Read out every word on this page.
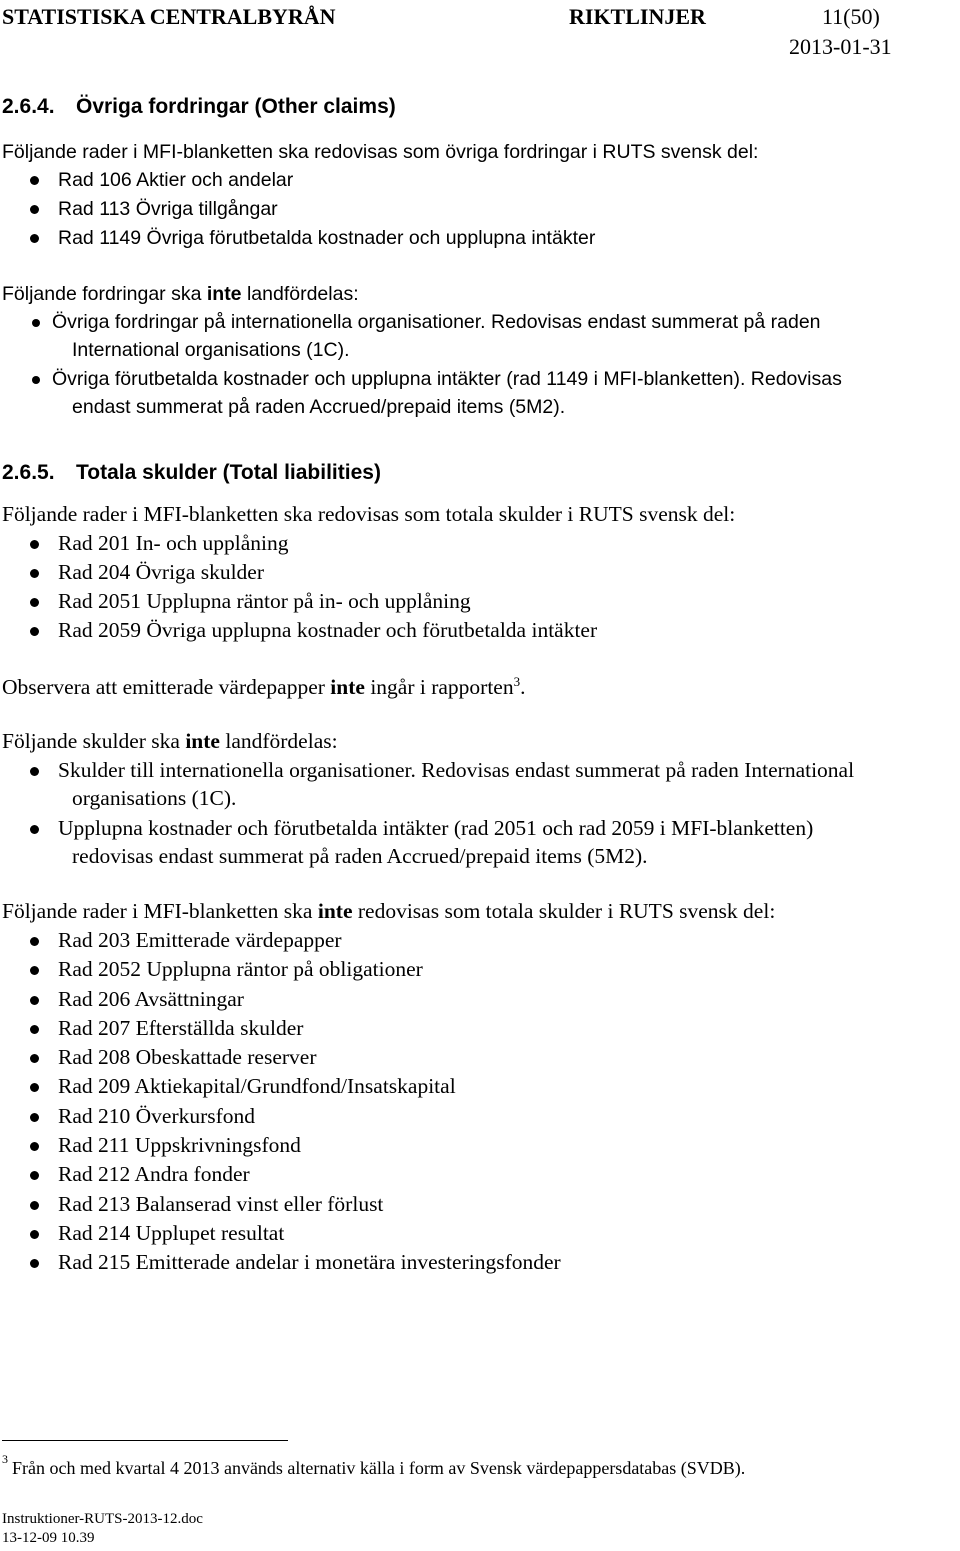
STATISTISKA CENTRALBYRÅN	RIKTLINJER	11(50)
2013-01-31
2.6.4. Övriga fordringar (Other claims)
Följande rader i MFI-blanketten ska redovisas som övriga fordringar i RUTS svensk del:
Rad 106 Aktier och andelar
Rad 113 Övriga tillgångar
Rad 1149 Övriga förutbetalda kostnader och upplupna intäkter
Följande fordringar ska inte landfördelas:
Övriga fordringar på internationella organisationer. Redovisas endast summerat på raden
International organisations (1C).
Övriga förutbetalda kostnader och upplupna intäkter (rad 1149 i MFI-blanketten). Redovisas
endast summerat på raden Accrued/prepaid items (5M2).
2.6.5. Totala skulder (Total liabilities)
Följande rader i MFI-blanketten ska redovisas som totala skulder i RUTS svensk del:
Rad 201 In- och upplåning
Rad 204 Övriga skulder
Rad 2051 Upplupna räntor på in- och upplåning
Rad 2059 Övriga upplupna kostnader och förutbetalda intäkter
Observera att emitterade värdepapper inte ingår i rapporten$^3$.
Följande skulder ska inte landfördelas:
Skulder till internationella organisationer. Redovisas endast summerat på raden International
organisations (1C).
Upplupna kostnader och förutbetalda intäkter (rad 2051 och rad 2059 i MFI-blanketten)
redovisas endast summerat på raden Accrued/prepaid items (5M2).
Följande rader i MFI-blanketten ska inte redovisas som totala skulder i RUTS svensk del:
Rad 203 Emitterade värdepapper
Rad 2052 Upplupna räntor på obligationer
Rad 206 Avsättningar
Rad 207 Efterställda skulder
Rad 208 Obeskattade reserver
Rad 209 Aktiekapital/Grundfond/Insatskapital
Rad 210 Överkursfond
Rad 211 Uppskrivningsfond
Rad 212 Andra fonder
Rad 213 Balanserad vinst eller förlust
Rad 214 Upplupet resultat
Rad 215 Emitterade andelar i monetära investeringsfonder
3 Från och med kvartal 4 2013 används alternativ källa i form av Svensk värdepappersdatabas (SVDB).
Instruktioner-RUTS-2013-12.doc
13-12-09 10.39
